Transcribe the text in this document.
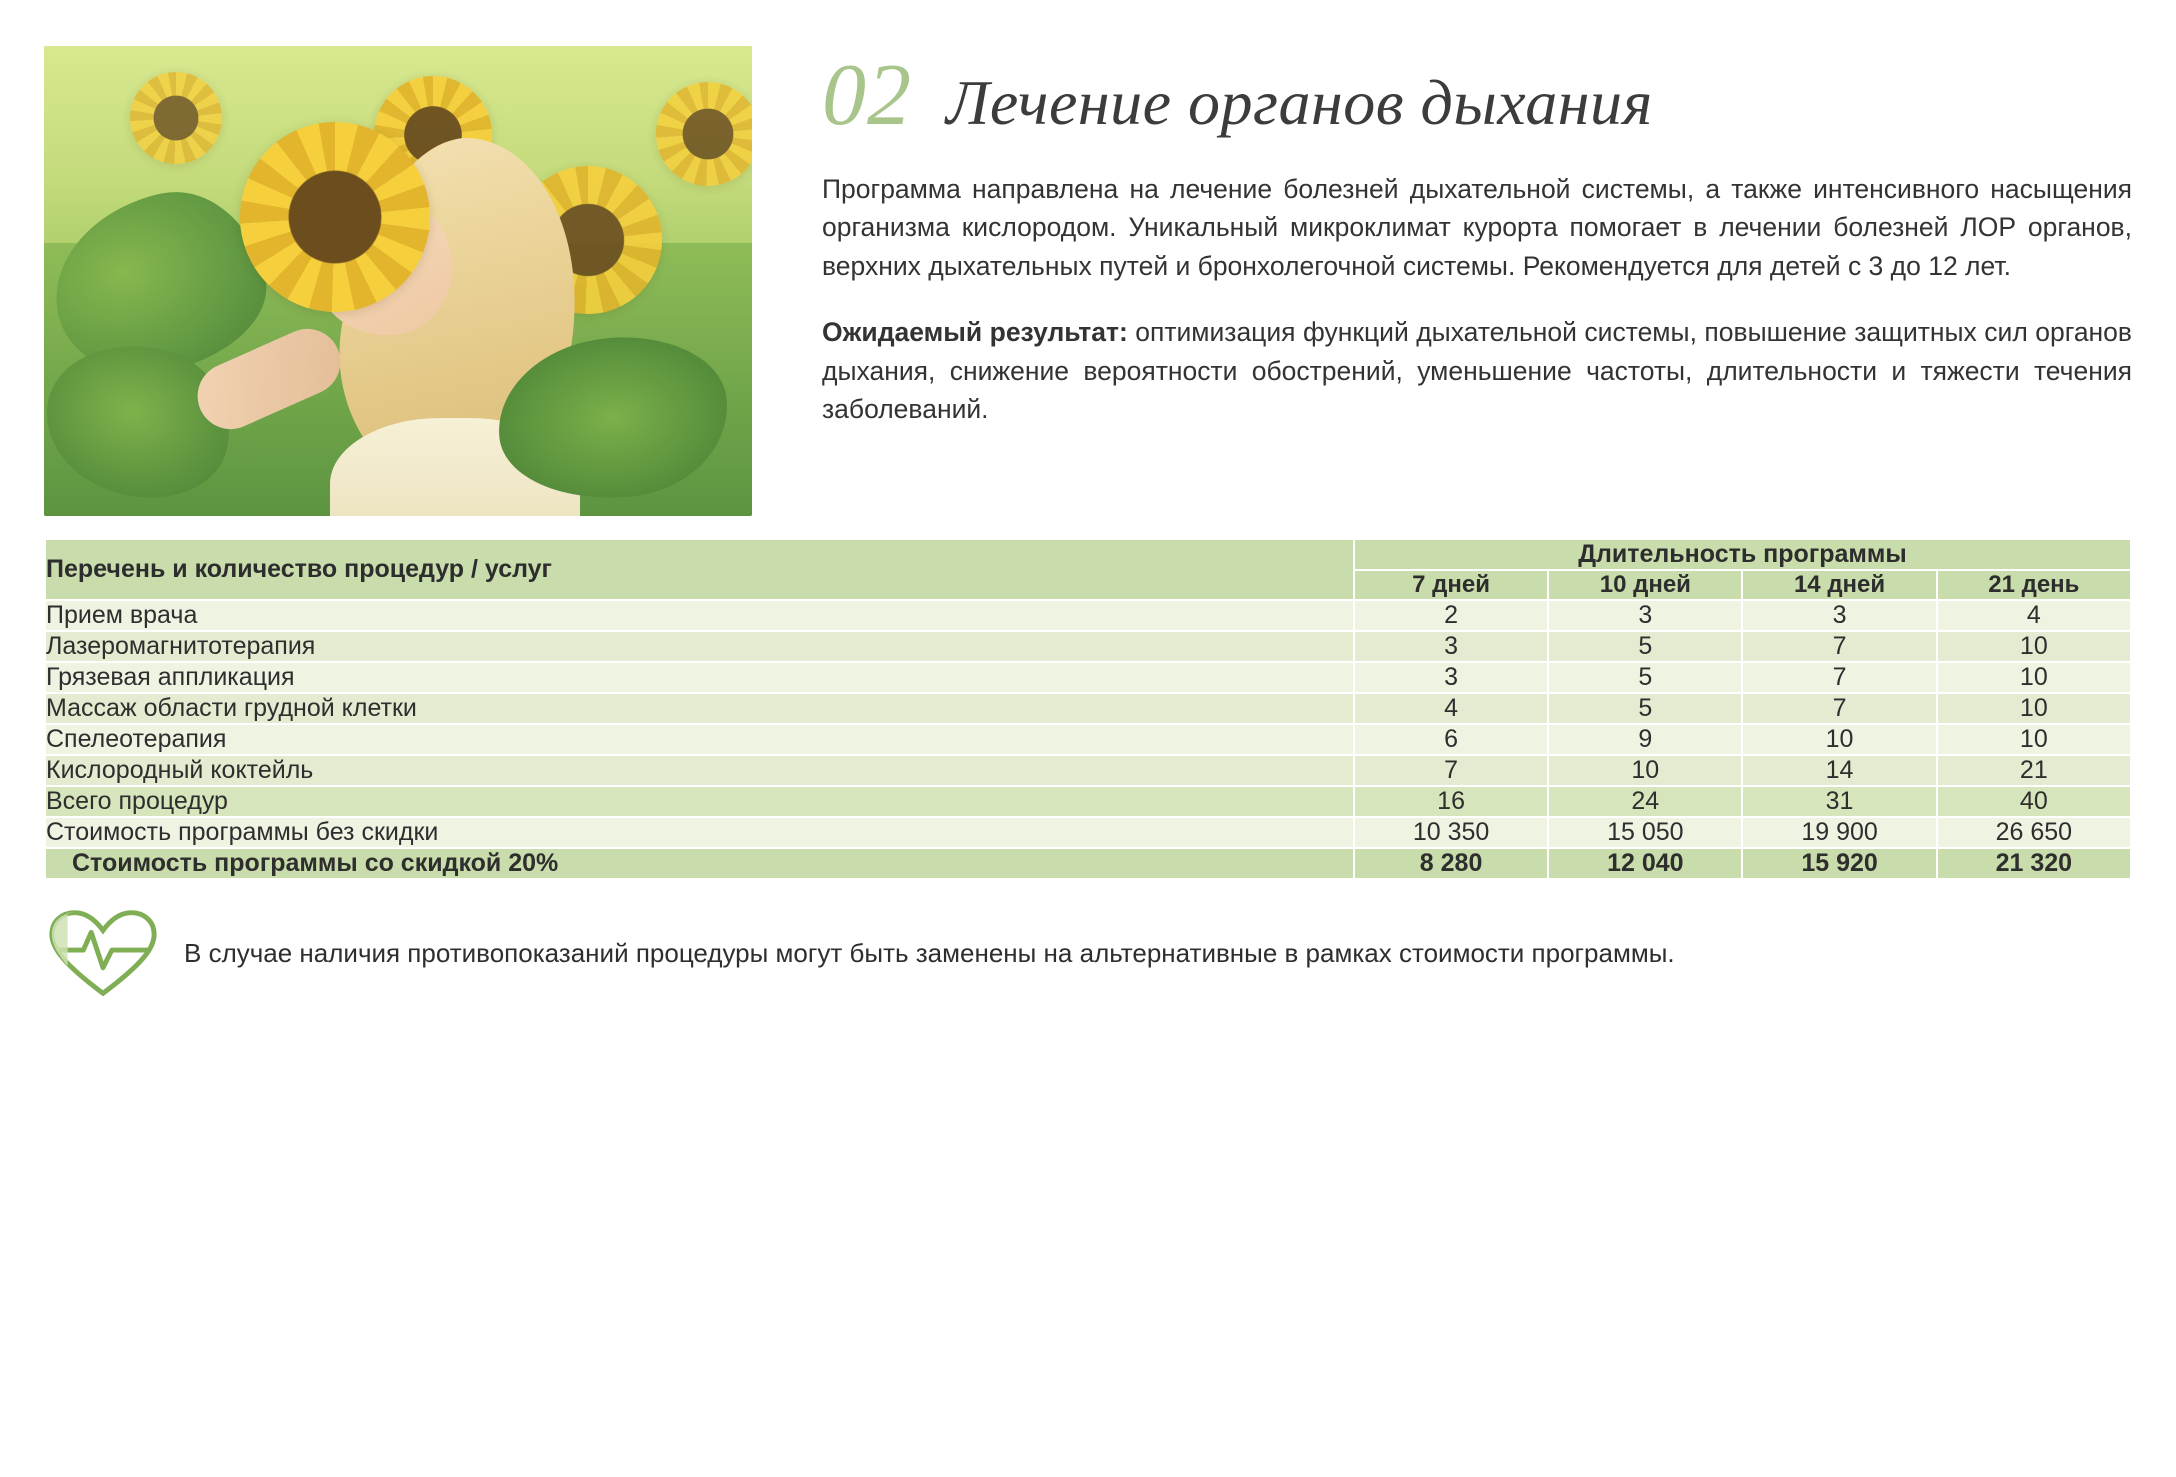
02 Лечение органов дыхания

Программа направлена на лечение болезней дыхательной системы, а также интенсивного насыщения организма кислородом. Уникальный микроклимат курорта помогает в лечении болезней ЛОР органов, верхних дыхательных путей и бронхолегочной системы. Рекомендуется для детей с 3 до 12 лет.

Ожидаемый результат: оптимизация функций дыхательной системы, повышение защитных сил органов дыхания, снижение вероятности обострений, уменьшение частоты, длительности и тяжести течения заболеваний.

Перечень и количество процедур / услуг	Длительность программы			
	7 дней	10 дней	14 дней	21 день
Прием врача	2	3	3	4
Лазеромагнитотерапия	3	5	7	10
Грязевая аппликация	3	5	7	10
Массаж области грудной клетки	4	5	7	10
Спелеотерапия	6	9	10	10
Кислородный коктейль	7	10	14	21
Всего процедур	16	24	31	40
Стоимость программы без скидки	10 350	15 050	19 900	26 650
Стоимость программы со скидкой 20%	8 280	12 040	15 920	21 320
В случае наличия противопоказаний процедуры могут быть заменены на альтернативные в рамках стоимости программы.
